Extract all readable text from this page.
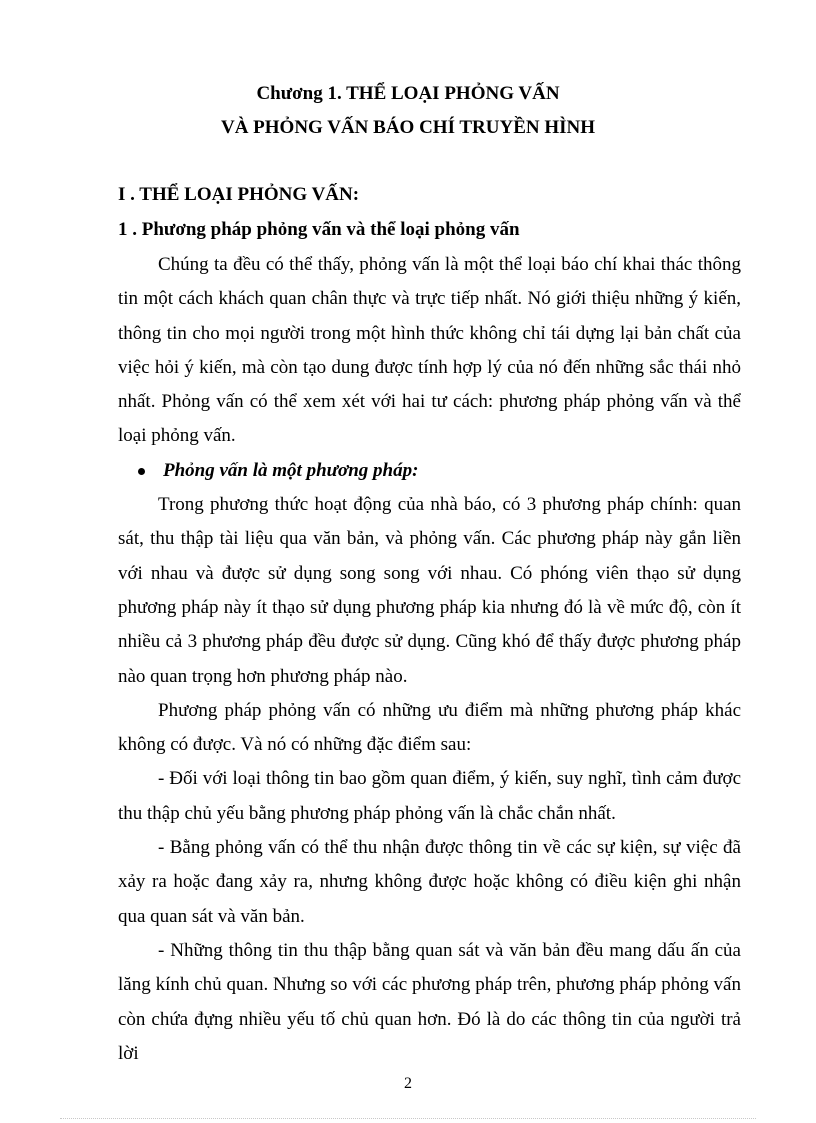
Chương 1. THỂ LOẠI PHỎNG VẤN
VÀ PHỎNG VẤN BÁO CHÍ TRUYỀN HÌNH
I . THỂ LOẠI PHỎNG VẤN:
1 . Phương pháp phỏng vấn và thể loại phỏng vấn

Chúng ta đều có thể thấy, phỏng vấn là một thể loại báo chí khai thác thông tin một cách khách quan chân thực và trực tiếp nhất. Nó giới thiệu những ý kiến, thông tin cho mọi người trong một hình thức không chỉ tái dựng lại bản chất của việc hỏi ý kiến, mà còn tạo dung được tính hợp lý của nó đến những sắc thái nhỏ nhất. Phỏng vấn có thể xem xét với hai tư cách: phương pháp phỏng vấn và thể loại phỏng vấn.

Phỏng vấn là một phương pháp:

Trong phương thức hoạt động của nhà báo, có 3 phương pháp chính: quan sát, thu thập tài liệu qua văn bản, và phỏng vấn. Các phương pháp này gắn liền với nhau và được sử dụng song song với nhau. Có phóng viên thạo sử dụng phương pháp này ít thạo sử dụng phương pháp kia nhưng đó là về mức độ, còn ít nhiều cả 3 phương pháp đều được sử dụng. Cũng khó để thấy được phương pháp nào quan trọng hơn phương pháp nào.

Phương pháp phỏng vấn có những ưu điểm mà những phương pháp khác không có được. Và nó có những đặc điểm sau:

- Đối với loại thông tin bao gồm quan điểm, ý kiến, suy nghĩ, tình cảm được thu thập chủ yếu bằng phương pháp phỏng vấn là chắc chắn nhất.

- Bằng phỏng vấn có thể thu nhận được thông tin về các sự kiện, sự việc đã xảy ra hoặc đang xảy ra, nhưng không được hoặc không có điều kiện ghi nhận qua quan sát và văn bản.

- Những thông tin thu thập bằng quan sát và văn bản đều mang dấu ấn của lăng kính chủ quan. Nhưng so với các phương pháp trên, phương pháp phỏng vấn còn chứa đựng nhiều yếu tố chủ quan hơn. Đó là do các thông tin của người trả lời

2
